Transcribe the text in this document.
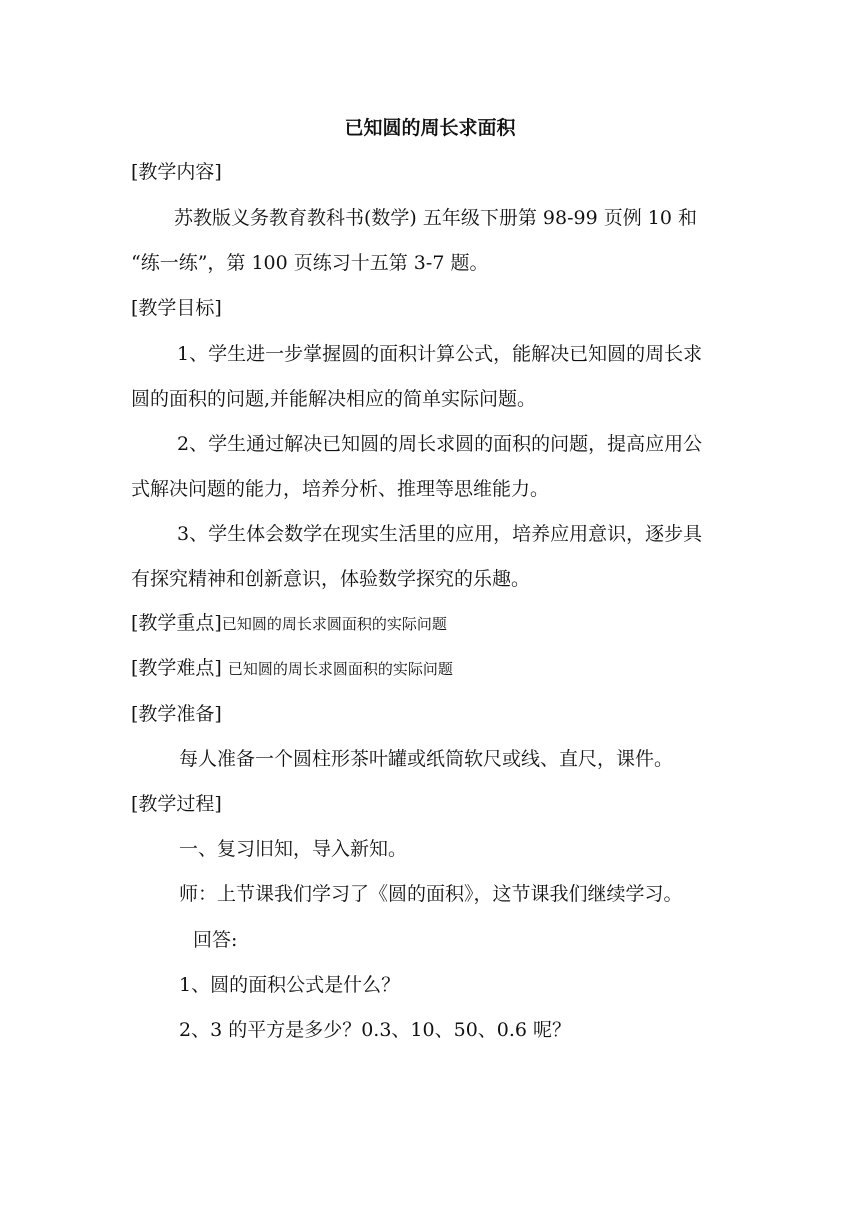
已知圆的周长求面积
[教学内容]
苏教版义务教育教科书(数学) 五年级下册第 98-99 页例 10 和
“练一练”，第 100 页练习十五第 3-7 题。
[教学目标]
1、学生进一步掌握圆的面积计算公式，能解决已知圆的周长求
圆的面积的问题,并能解决相应的简单实际问题。
2、学生通过解决已知圆的周长求圆的面积的问题，提高应用公
式解决问题的能力，培养分析、推理等思维能力。
3、学生体会数学在现实生活里的应用，培养应用意识，逐步具
有探究精神和创新意识，体验数学探究的乐趣。
[教学重点]已知圆的周长求圆面积的实际问题
[教学难点] 已知圆的周长求圆面积的实际问题
[教学准备]
每人准备一个圆柱形茶叶罐或纸筒软尺或线、直尺，课件。
[教学过程]
一、复习旧知，导入新知。
师：上节课我们学习了《圆的面积》，这节课我们继续学习。
回答:
1、圆的面积公式是什么？
2、3 的平方是多少？0.3、10、50、0.6 呢？
